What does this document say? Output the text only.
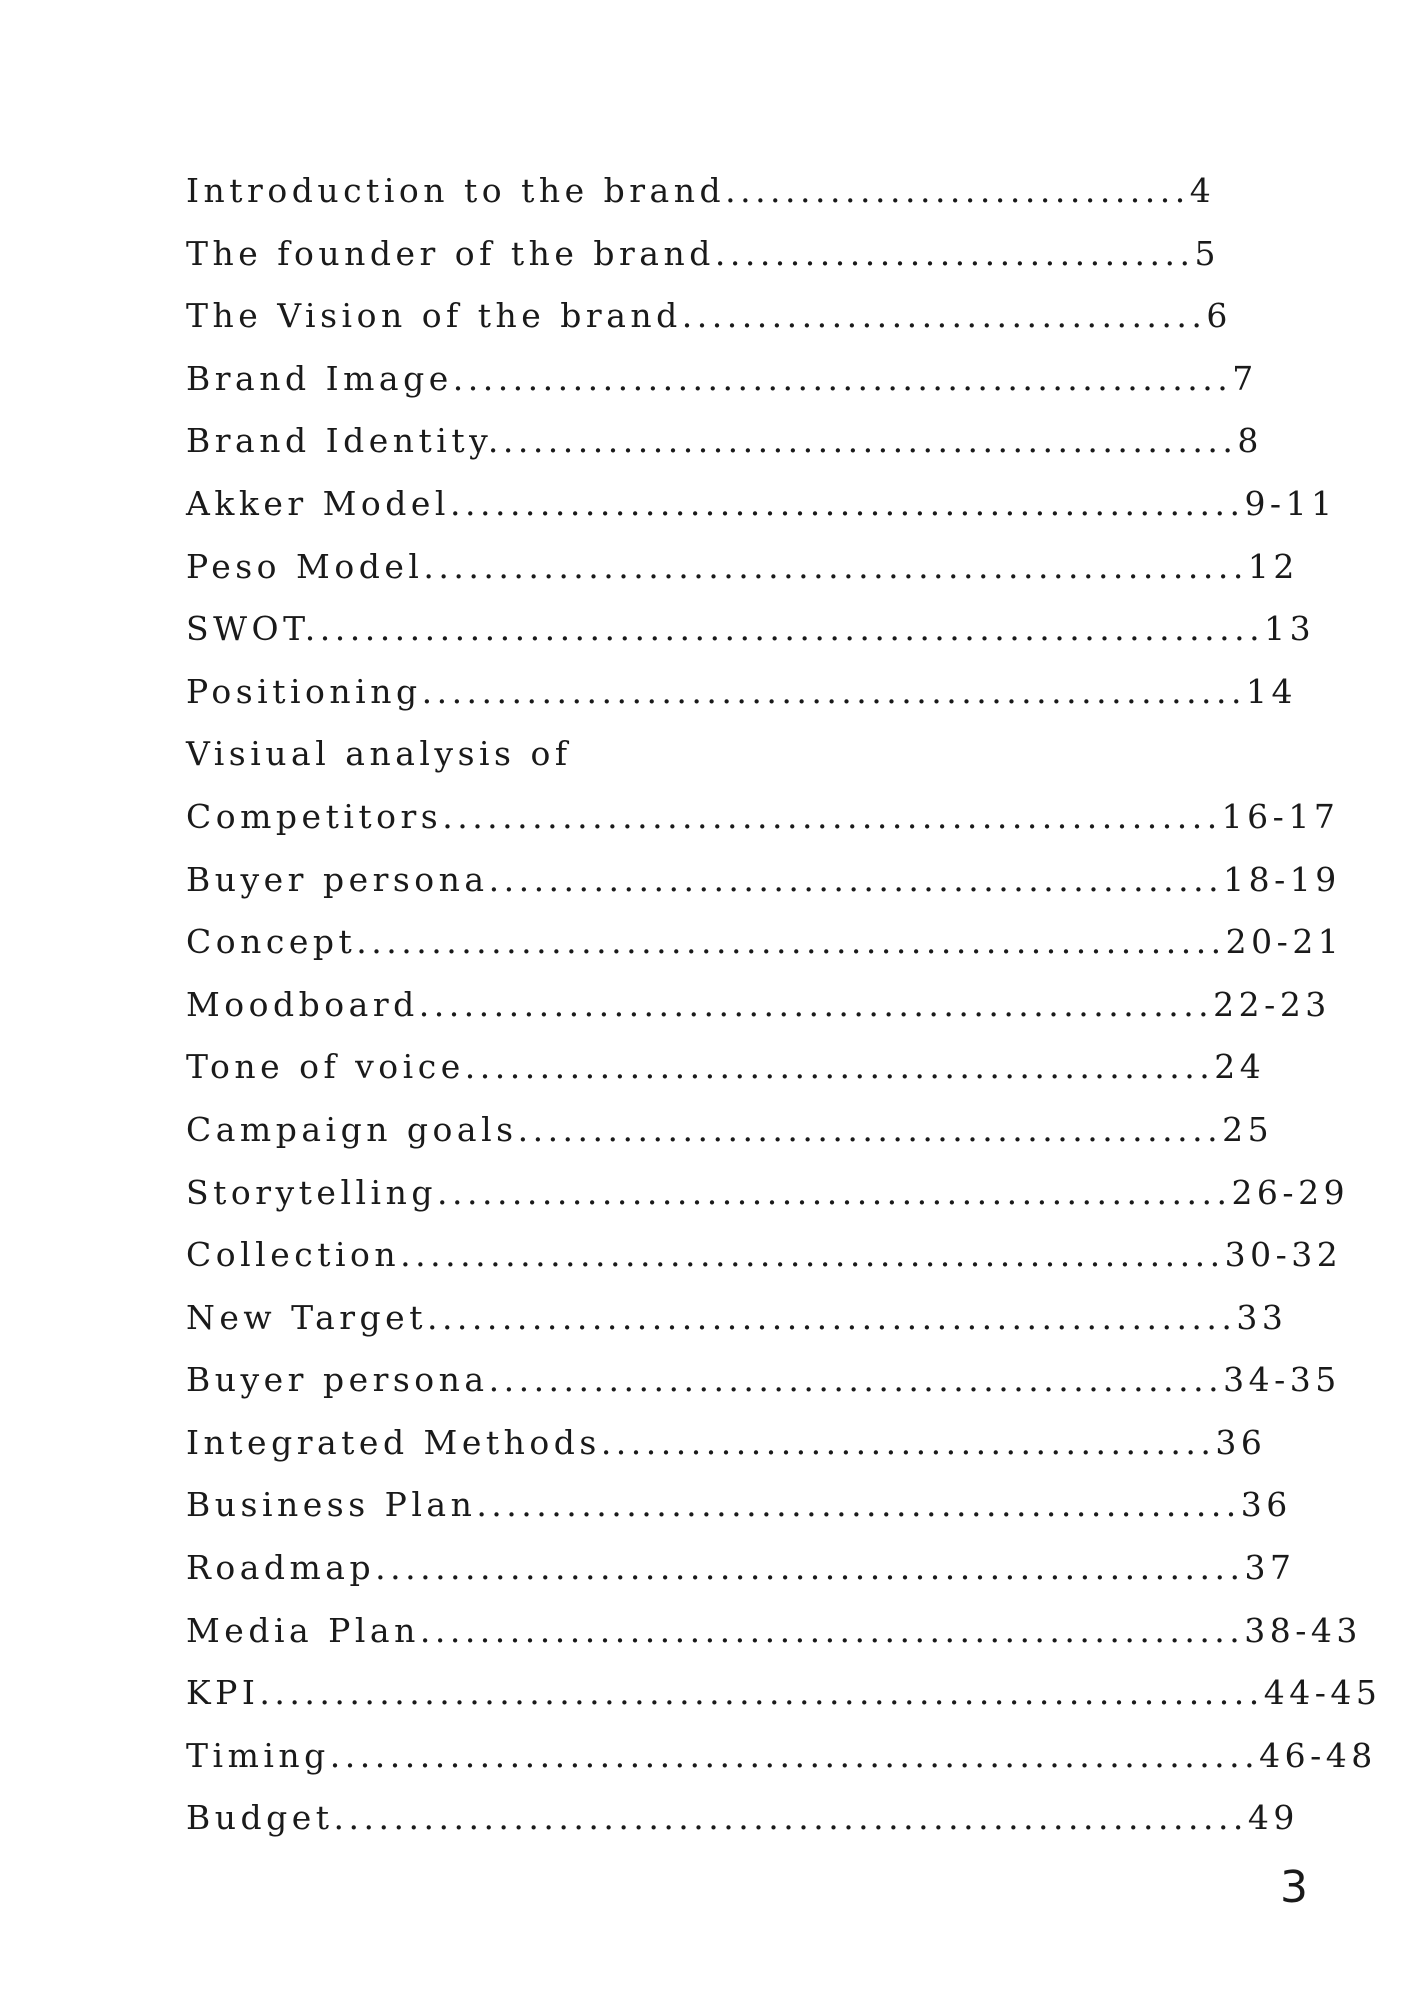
Introduction to the brand...............................4
The founder of the brand................................5
The Vision of the brand...................................6
Brand Image....................................................7
Brand Identity..................................................8
Akker Model.....................................................9-11
Peso Model.......................................................12
SWOT................................................................13
Positioning.......................................................14
Visiual analysis of
Competitors....................................................16-17
Buyer persona.................................................18-19
Concept..........................................................20-21
Moodboard.....................................................22-23
Tone of voice..................................................24
Campaign goals...............................................25
Storytelling.....................................................26-29
Collection.......................................................30-32
New Target......................................................33
Buyer persona.................................................34-35
Integrated Methods.........................................36
Business Plan...................................................36
Roadmap..........................................................37
Media Plan.......................................................38-43
KPI...................................................................44-45
Timing..............................................................46-48
Budget.............................................................49
3
